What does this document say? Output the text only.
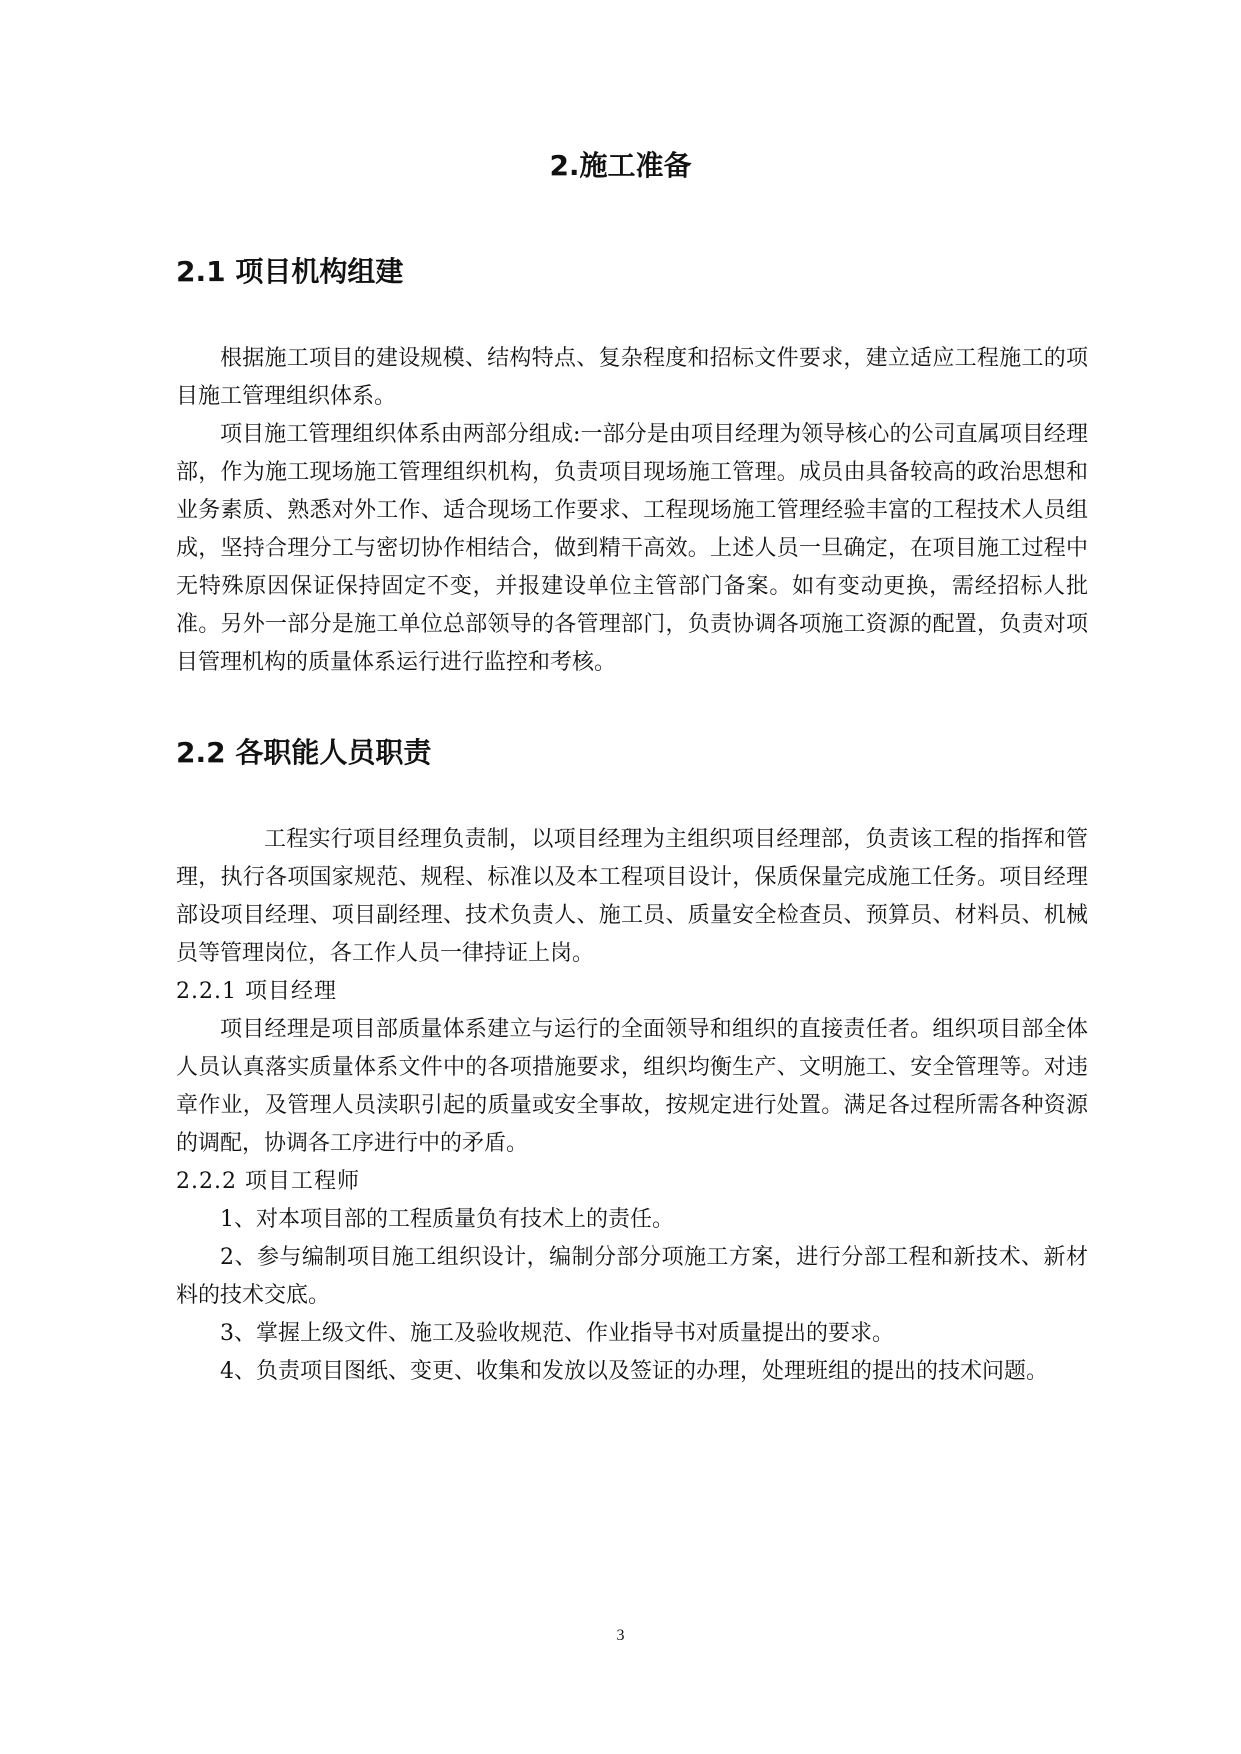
2.施工准备
2.1 项目机构组建

根据施工项目的建设规模、结构特点、复杂程度和招标文件要求，建立适应工程施工的项目施工管理组织体系。

项目施工管理组织体系由两部分组成:一部分是由项目经理为领导核心的公司直属项目经理部，作为施工现场施工管理组织机构，负责项目现场施工管理。成员由具备较高的政治思想和业务素质、熟悉对外工作、适合现场工作要求、工程现场施工管理经验丰富的工程技术人员组成，坚持合理分工与密切协作相结合，做到精干高效。上述人员一旦确定，在项目施工过程中无特殊原因保证保持固定不变，并报建设单位主管部门备案。如有变动更换，需经招标人批准。另外一部分是施工单位总部领导的各管理部门，负责协调各项施工资源的配置，负责对项目管理机构的质量体系运行进行监控和考核。

2.2 各职能人员职责

工程实行项目经理负责制，以项目经理为主组织项目经理部，负责该工程的指挥和管理，执行各项国家规范、规程、标准以及本工程项目设计，保质保量完成施工任务。项目经理部设项目经理、项目副经理、技术负责人、施工员、质量安全检查员、预算员、材料员、机械员等管理岗位，各工作人员一律持证上岗。

2.2.1 项目经理

项目经理是项目部质量体系建立与运行的全面领导和组织的直接责任者。组织项目部全体人员认真落实质量体系文件中的各项措施要求，组织均衡生产、文明施工、安全管理等。对违章作业，及管理人员渎职引起的质量或安全事故，按规定进行处置。满足各过程所需各种资源的调配，协调各工序进行中的矛盾。

2.2.2 项目工程师

1、对本项目部的工程质量负有技术上的责任。

2、参与编制项目施工组织设计，编制分部分项施工方案，进行分部工程和新技术、新材料的技术交底。

3、掌握上级文件、施工及验收规范、作业指导书对质量提出的要求。

4、负责项目图纸、变更、收集和发放以及签证的办理，处理班组的提出的技术问题。

3
